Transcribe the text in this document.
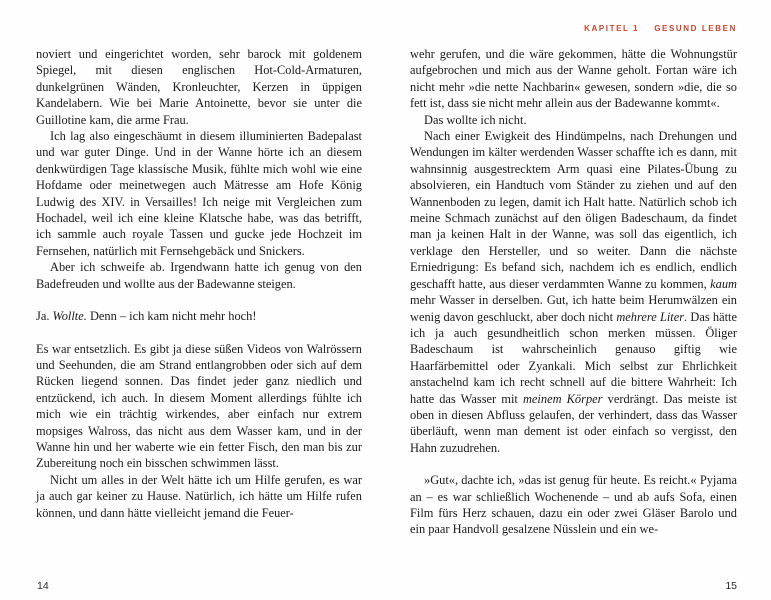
KAPITEL 1 GESUND LEBEN

noviert und eingerichtet worden, sehr barock mit goldenem Spiegel, mit diesen englischen Hot-Cold-Armaturen, dunkelgrünen Wänden, Kronleuchter, Kerzen in üppigen Kandelabern. Wie bei Marie Antoinette, bevor sie unter die Guillotine kam, die arme Frau.

Ich lag also eingeschäumt in diesem illuminierten Badepalast und war guter Dinge. Und in der Wanne hörte ich an diesem denkwürdigen Tage klassische Musik, fühlte mich wohl wie eine Hofdame oder meinetwegen auch Mätresse am Hofe König Ludwig des XIV. in Versailles! Ich neige mit Vergleichen zum Hochadel, weil ich eine kleine Klatsche habe, was das betrifft, ich sammle auch royale Tassen und gucke jede Hochzeit im Fernsehen, natürlich mit Fernsehgebäck und Snickers.

Aber ich schweife ab. Irgendwann hatte ich genug von den Badefreuden und wollte aus der Badewanne steigen.

Ja. Wollte. Denn – ich kam nicht mehr hoch!

Es war entsetzlich. Es gibt ja diese süßen Videos von Walrössern und Seehunden, die am Strand entlangrobben oder sich auf dem Rücken liegend sonnen. Das findet jeder ganz niedlich und entzückend, ich auch. In diesem Moment allerdings fühlte ich mich wie ein trächtig wirkendes, aber einfach nur extrem mopsiges Walross, das nicht aus dem Wasser kam, und in der Wanne hin und her waberte wie ein fetter Fisch, den man bis zur Zubereitung noch ein bisschen schwimmen lässt.

Nicht um alles in der Welt hätte ich um Hilfe gerufen, es war ja auch gar keiner zu Hause. Natürlich, ich hätte um Hilfe rufen können, und dann hätte vielleicht jemand die Feuer-

wehr gerufen, und die wäre gekommen, hätte die Wohnungstür aufgebrochen und mich aus der Wanne geholt. Fortan wäre ich nicht mehr »die nette Nachbarin« gewesen, sondern »die, die so fett ist, dass sie nicht mehr allein aus der Badewanne kommt«.

Das wollte ich nicht.

Nach einer Ewigkeit des Hindümpelns, nach Drehungen und Wendungen im kälter werdenden Wasser schaffte ich es dann, mit wahnsinnig ausgestrecktem Arm quasi eine Pilates-Übung zu absolvieren, ein Handtuch vom Ständer zu ziehen und auf den Wannenboden zu legen, damit ich Halt hatte. Natürlich schob ich meine Schmach zunächst auf den öligen Badeschaum, da findet man ja keinen Halt in der Wanne, was soll das eigentlich, ich verklage den Hersteller, und so weiter. Dann die nächste Erniedrigung: Es befand sich, nachdem ich es endlich, endlich geschafft hatte, aus dieser verdammten Wanne zu kommen, kaum mehr Wasser in derselben. Gut, ich hatte beim Herumwälzen ein wenig davon geschluckt, aber doch nicht mehrere Liter. Das hätte ich ja auch gesundheitlich schon merken müssen. Öliger Badeschaum ist wahrscheinlich genauso giftig wie Haarfärbemittel oder Zyankali. Mich selbst zur Ehrlichkeit anstachelnd kam ich recht schnell auf die bittere Wahrheit: Ich hatte das Wasser mit meinem Körper verdrängt. Das meiste ist oben in diesen Abfluss gelaufen, der verhindert, dass das Wasser überläuft, wenn man dement ist oder einfach so vergisst, den Hahn zuzudrehen.

»Gut«, dachte ich, »das ist genug für heute. Es reicht.« Pyjama an – es war schließlich Wochenende – und ab aufs Sofa, einen Film fürs Herz schauen, dazu ein oder zwei Gläser Barolo und ein paar Handvoll gesalzene Nüsslein und ein we-

14	15
